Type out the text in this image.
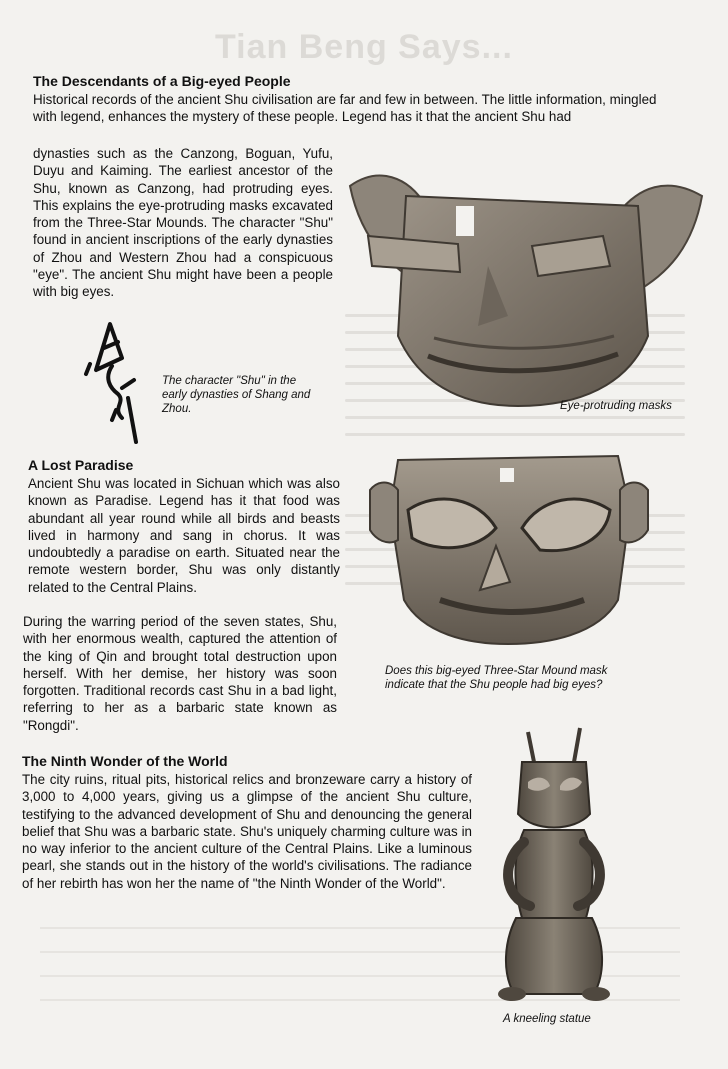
Tian Beng Says...
The Descendants of a Big-eyed People

Historical records of the ancient Shu civilisation are far and few in between. The little information, mingled with legend, enhances the mystery of these people. Legend has it that the ancient Shu had

dynasties such as the Canzong, Boguan, Yufu, Duyu and Kaiming. The earliest ancestor of the Shu, known as Canzong, had protruding eyes. This explains the eye-protruding masks excavated from the Three-Star Mounds. The character "Shu" found in ancient inscriptions of the early dynasties of Zhou and Western Zhou had a conspicuous "eye". The ancient Shu might have been a people with big eyes.

The character "Shu" in the early dynasties of Shang and Zhou.	Eye-protruding masks

Does this big-eyed Three-Star Mound mask indicate that the Shu people had big eyes?

A Lost Paradise

Ancient Shu was located in Sichuan which was also known as Paradise. Legend has it that food was abundant all year round while all birds and beasts lived in harmony and sang in chorus. It was undoubtedly a paradise on earth. Situated near the remote western border, Shu was only distantly related to the Central Plains.

During the warring period of the seven states, Shu, with her enormous wealth, captured the attention of the king of Qin and brought total destruction upon herself. With her demise, her history was soon forgotten. Traditional records cast Shu in a bad light, referring to her as a barbaric state known as "Rongdi".

The Ninth Wonder of the World

The city ruins, ritual pits, historical relics and bronzeware carry a history of 3,000 to 4,000 years, giving us a glimpse of the ancient Shu culture, testifying to the advanced development of Shu and denouncing the general belief that Shu was a barbaric state. Shu's uniquely charming culture was in no way inferior to the ancient culture of the Central Plains. Like a luminous pearl, she stands out in the history of the world's civilisations. The radiance of her rebirth has won her the name of "the Ninth Wonder of the World".

A kneeling statue
